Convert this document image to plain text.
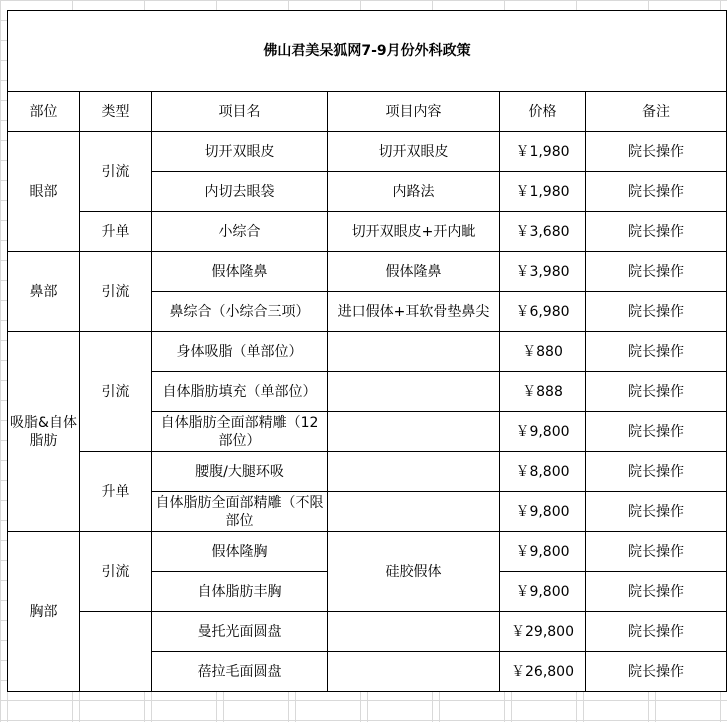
佛山君美呆狐网7-9月份外科政策					
部位	类型	项目名	项目内容	价格	备注
眼部	引流	切开双眼皮	切开双眼皮	￥1,980	院长操作
		内切去眼袋	内路法	￥1,980	院长操作
	升单	小综合	切开双眼皮+开内眦	￥3,680	院长操作
鼻部	引流	假体隆鼻	假体隆鼻	￥3,980	院长操作
		鼻综合（小综合三项）	进口假体+耳软骨垫鼻尖	￥6,980	院长操作
吸脂&自体脂肪	引流	身体吸脂（单部位）		￥880	院长操作
		自体脂肪填充（单部位）		￥888	院长操作
		自体脂肪全面部精雕（12部位）		￥9,800	院长操作
	升单	腰腹/大腿环吸		￥8,800	院长操作
		自体脂肪全面部精雕（不限部位		￥9,800	院长操作
胸部	引流	假体隆胸	硅胶假体	￥9,800	院长操作
		自体脂肪丰胸		￥9,800	院长操作
		曼托光面圆盘		￥29,800	院长操作
		蓓拉毛面圆盘		￥26,800	院长操作
